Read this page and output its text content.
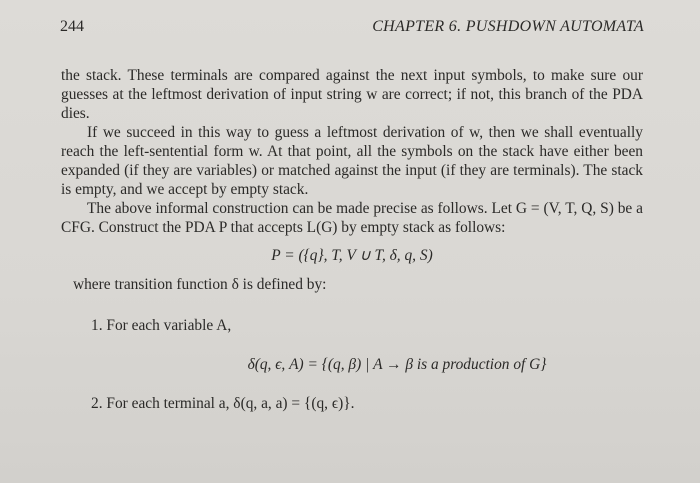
244	CHAPTER 6. PUSHDOWN AUTOMATA

the stack. These terminals are compared against the next input symbols, to make sure our guesses at the leftmost derivation of input string w are correct; if not, this branch of the PDA dies.

If we succeed in this way to guess a leftmost derivation of w, then we shall eventually reach the left-sentential form w. At that point, all the symbols on the stack have either been expanded (if they are variables) or matched against the input (if they are terminals). The stack is empty, and we accept by empty stack.

The above informal construction can be made precise as follows. Let G = (V, T, Q, S) be a CFG. Construct the PDA P that accepts L(G) by empty stack as follows:

P = ({q}, T, V ∪ T, δ, q, S)

where transition function δ is defined by:

1. For each variable A,

δ(q, ϵ, A) = {(q, β) | A → β is a production of G}

2. For each terminal a, δ(q, a, a) = {(q, ϵ)}.
